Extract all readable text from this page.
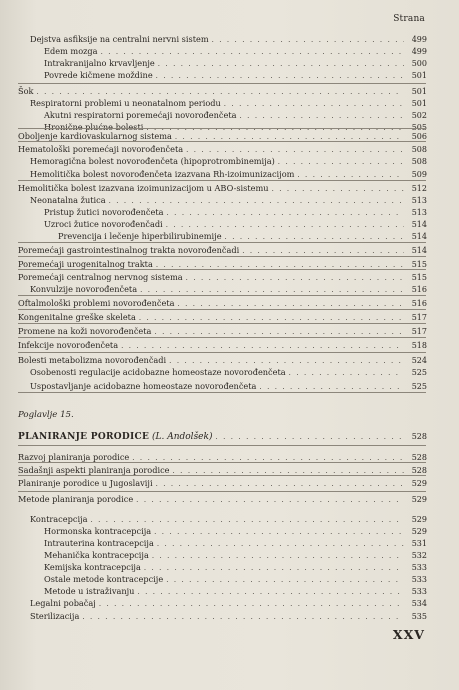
Strana
Dejstva asfiksije na centralni nervni sistem . . .	499
Edem mozga . . .	499
Intrakranijalno krvavljenje . . .	500
Povrede kičmene moždine . . .	501
Šok . . .	501
Respiratorni problemi u neonatalnom periodu . . .	501
Akutni respiratorni poremećaji novorođenčeta . . .	502
Hronične plućne bolesti . . .	505
Oboljenje kardiovaskularnog sistema . . .	506
Hematološki poremećaji novorođenčeta . . .	508
Hemoragična bolest novorođenčeta (hipoprotrombinemija) . . .	508
Hemolitička bolest novorođenčeta izazvana Rh-izoimunizacijom . . .	509
Hemolitička bolest izazvana izoimunizacijom u ABO-sistemu . . .	512
Neonatalna žutica . . .	513
Pristup žutici novorođenčeta . . .	513
Uzroci žutice novorođenčadi . . .	514
Prevencija i lečenje hiperbilirubinemije . . .	514
Poremećaji gastrointestinalnog trakta novorođenčadi . . .	514
Poremećaji urogenitalnog trakta . . .	515
Poremećaji centralnog nervnog sistema . . .	515
Konvulzije novorođenčeta . . .	516
Oftalmološki problemi novorođenčeta . . .	516
Kongenitalne greške skeleta . . .	517
Promene na koži novorođenčeta . . .	517
Infekcije novorođenčeta . . .	518
Bolesti metabolizma novorođenčadi . . .	524
Osobenosti regulacije acidobazne homeostaze novorođenčeta . . .	525
Uspostavljanje acidobazne homeostaze novorođenčeta . . .	525
PLANIRANJE PORODICE (L. Andolšek) . . .	528
Razvoj planiranja porodice . . .	528
Sadašnji aspekti planiranja porodice . . .	528
Planiranje porodice u Jugoslaviji . . .	529
Metode planiranja porodice . . .	529
Kontracepcija . . .	529
Hormonska kontracepcija . . .	529
Intrauterina kontracepcija . . .	531
Mehanička kontracepcija . . .	532
Kemijska kontracepcija . . .	533
Ostale metode kontracepcije . . .	533
Metode u istraživanju . . .	533
Legalni pobačaj . . .	534
Sterilizacija . . .	535
Poglavlje 15.
XXV
